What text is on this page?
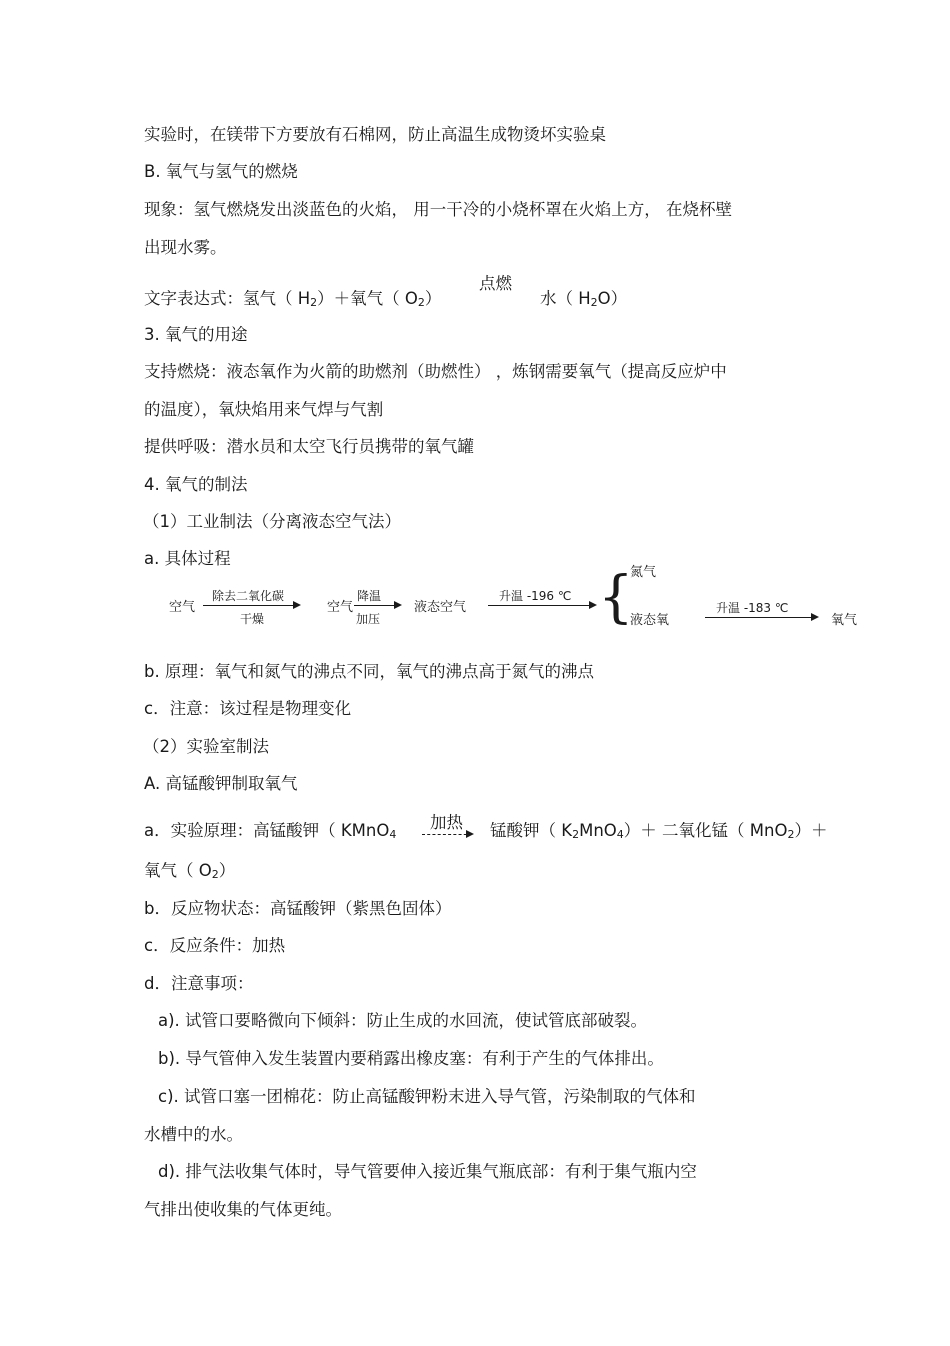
实验时，在镁带下方要放有石棉网，防止高温生成物烫坏实验桌
B. 氧气与氢气的燃烧
现象：氢气燃烧发出淡蓝色的火焰， 用一干冷的小烧杯罩在火焰上方， 在烧杯壁
出现水雾。
文字表达式：氢气（ H2）＋氧气（ O2）
点燃
水（ H2O）
3. 氧气的用途
支持燃烧：液态氧作为火箭的助燃剂（助燃性） ，炼钢需要氧气（提高反应炉中
的温度），氧炔焰用来气焊与气割
提供呼吸：潜水员和太空飞行员携带的氧气罐
4. 氧气的制法
（1）工业制法（分离液态空气法）
a. 具体过程
空气
除去二氧化碳
干燥
空气
降温
加压
液态空气
升温 -196 ℃ {
氮气
液态氧
升温 -183 ℃
氧气
b. 原理：氧气和氮气的沸点不同，氧气的沸点高于氮气的沸点
c．注意：该过程是物理变化
（2）实验室制法
A. 高锰酸钾制取氧气
a．实验原理：高锰酸钾（ KMnO4
加热 → 锰酸钾（ K2MnO4）＋ 二氧化锰（ MnO2）＋
氧气（ O2）
b．反应物状态：高锰酸钾（紫黑色固体）
c．反应条件：加热
d．注意事项：
a). 试管口要略微向下倾斜：防止生成的水回流，使试管底部破裂。
b). 导气管伸入发生装置内要稍露出橡皮塞：有利于产生的气体排出。
c). 试管口塞一团棉花：防止高锰酸钾粉末进入导气管，污染制取的气体和
水槽中的水。
d). 排气法收集气体时，导气管要伸入接近集气瓶底部：有利于集气瓶内空
气排出使收集的气体更纯。
